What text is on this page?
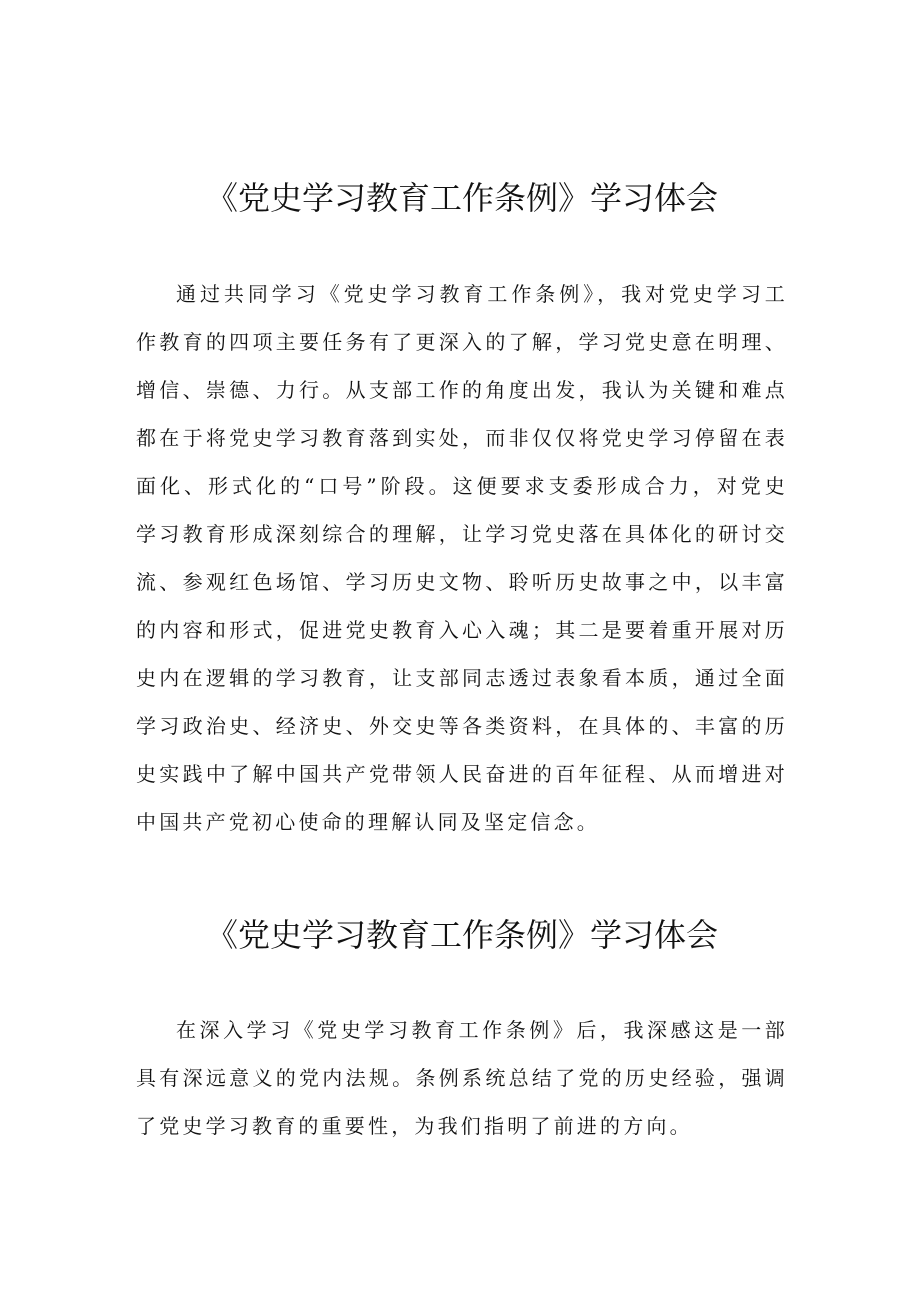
《党史学习教育工作条例》学习体会

通过共同学习《党史学习教育工作条例》，我对党史学习工作教育的四项主要任务有了更深入的了解，学习党史意在明理、增信、崇德、力行。从支部工作的角度出发，我认为关键和难点都在于将党史学习教育落到实处，而非仅仅将党史学习停留在表面化、形式化的“口号”阶段。这便要求支委形成合力，对党史学习教育形成深刻综合的理解，让学习党史落在具体化的研讨交流、参观红色场馆、学习历史文物、聆听历史故事之中，以丰富的内容和形式，促进党史教育入心入魂；其二是要着重开展对历史内在逻辑的学习教育，让支部同志透过表象看本质，通过全面学习政治史、经济史、外交史等各类资料，在具体的、丰富的历史实践中了解中国共产党带领人民奋进的百年征程、从而增进对中国共产党初心使命的理解认同及坚定信念。

《党史学习教育工作条例》学习体会

在深入学习《党史学习教育工作条例》后，我深感这是一部具有深远意义的党内法规。条例系统总结了党的历史经验，强调了党史学习教育的重要性，为我们指明了前进的方向。
